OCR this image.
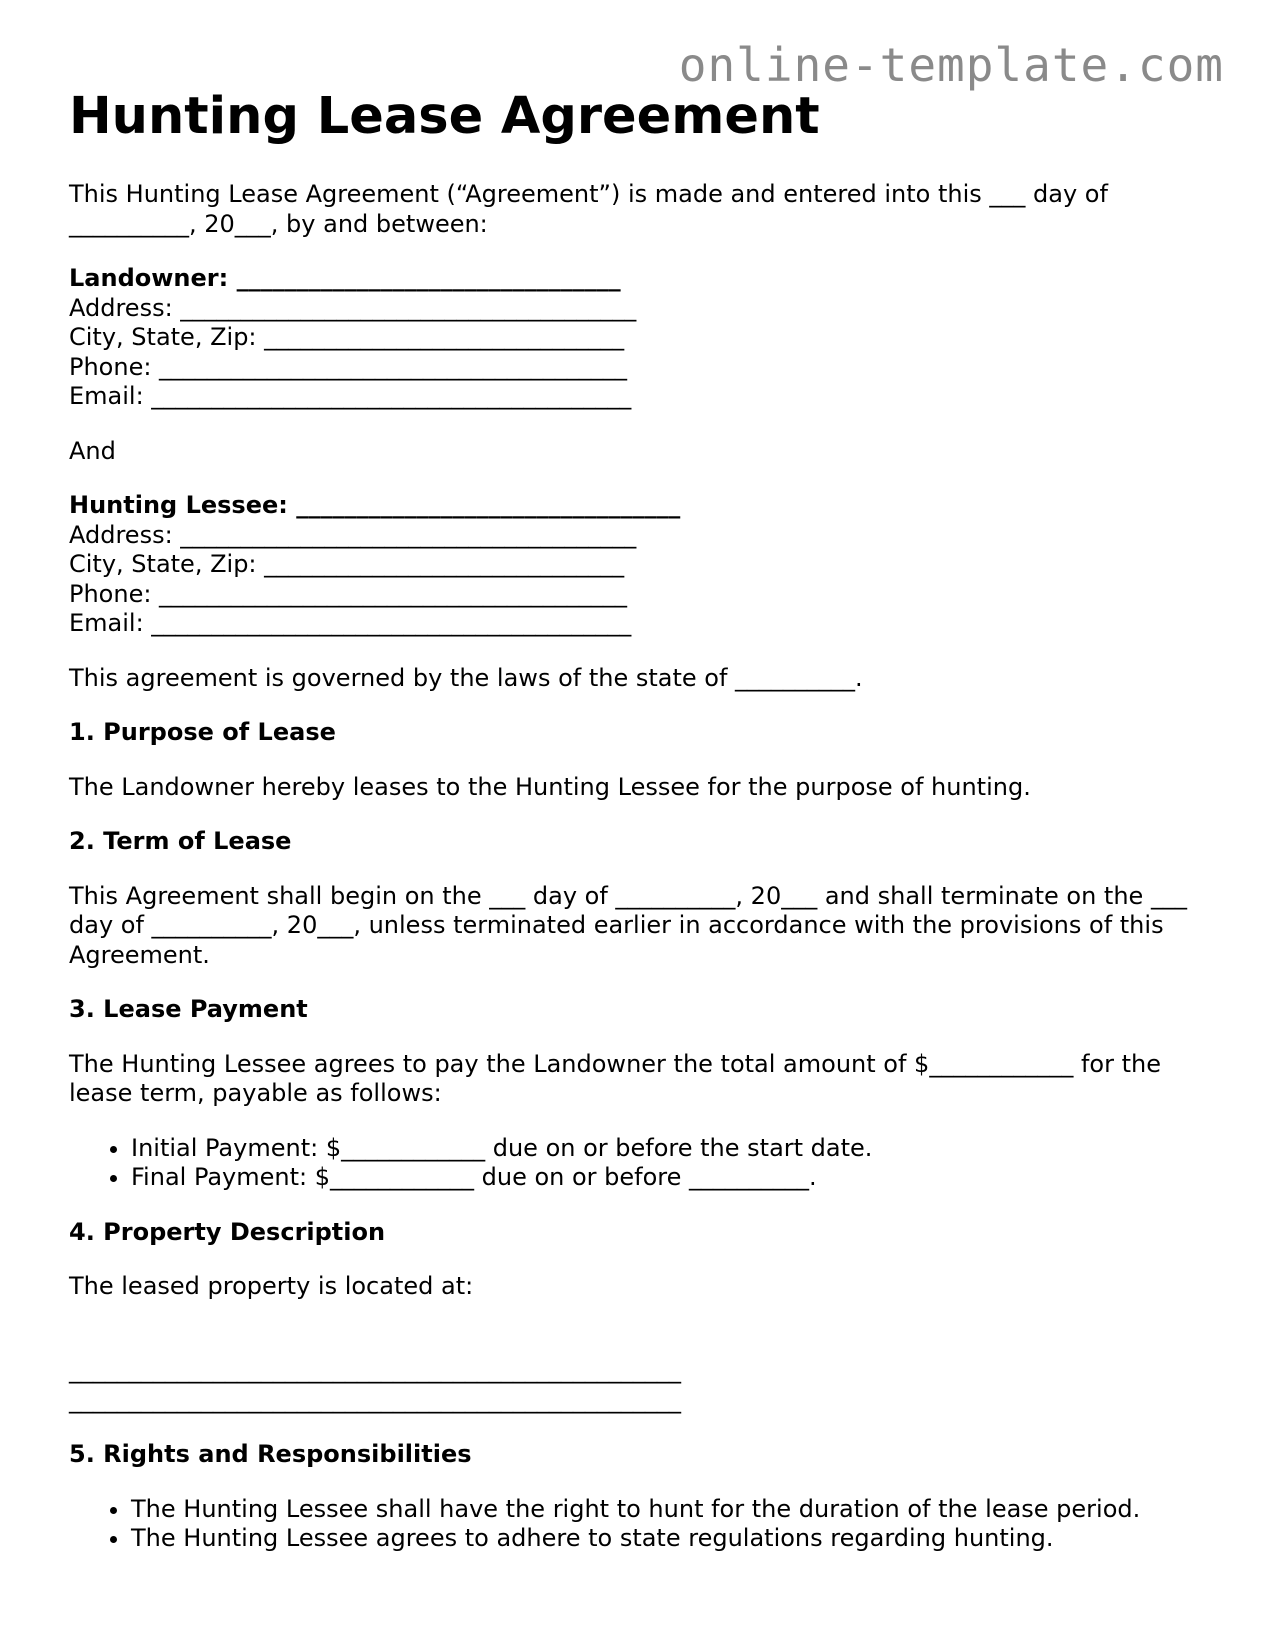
online-template.com
Hunting Lease Agreement

This Hunting Lease Agreement (“Agreement”) is made and entered into this ___ day of __________, 20___, by and between:

Landowner: ________________________________
Address: ______________________________________
City, State, Zip: ______________________________
Phone: _______________________________________
Email: ________________________________________

And

Hunting Lessee: ________________________________
Address: ______________________________________
City, State, Zip: ______________________________
Phone: _______________________________________
Email: ________________________________________

This agreement is governed by the laws of the state of __________.

1. Purpose of Lease

The Landowner hereby leases to the Hunting Lessee for the purpose of hunting.

2. Term of Lease

This Agreement shall begin on the ___ day of __________, 20___ and shall terminate on the ___ day of __________, 20___, unless terminated earlier in accordance with the provisions of this Agreement.

3. Lease Payment

The Hunting Lessee agrees to pay the Landowner the total amount of $____________ for the lease term, payable as follows:

• Initial Payment: $____________ due on or before the start date.
• Final Payment: $____________ due on or before __________.
4. Property Description

The leased property is located at:

___________________________________________________
___________________________________________________
5. Rights and Responsibilities
• The Hunting Lessee shall have the right to hunt for the duration of the lease period.
• The Hunting Lessee agrees to adhere to state regulations regarding hunting.
